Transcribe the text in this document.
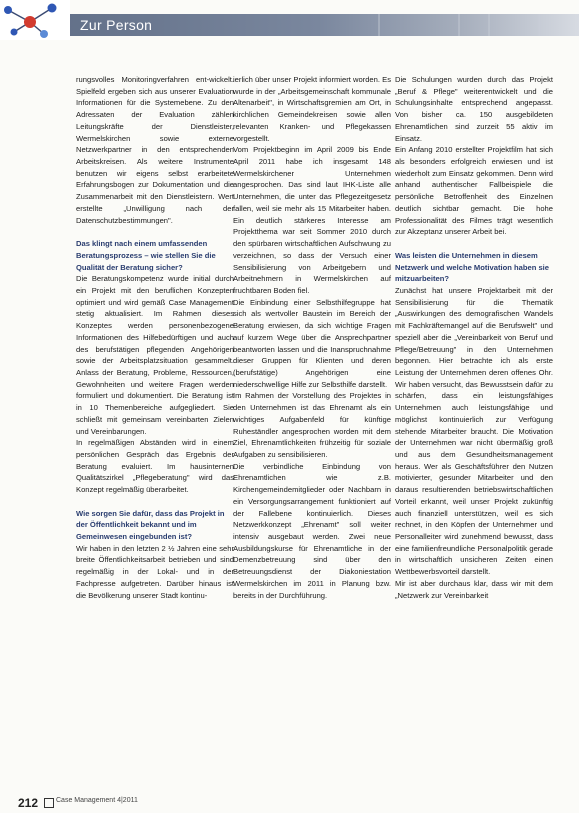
Zur Person

rungsvolles Monitoringverfahren ent-wickelt. Spielfeld ergeben sich aus unserer Evaluation Informationen für die Systemebene. Zu den Adressaten der Evaluation zählen Leitungskräfte der Dienstleister, Wermelskirchen sowie externe Netzwerkpartner in den entsprechenden Arbeitskreisen. Als weitere Instrumente benutzen wir eigens selbst erarbeitete Erfahrungsbogen zur Dokumentation und die Zusammenarbeit mit den Dienstleistern. Wert erstellte „Unwilligung nach der Datenschutzbestimmungen".

Das klingt nach einem umfassenden Beratungsprozess – wie stellen Sie die Qualität der Beratung sicher?

Die Beratungskompetenz wurde initial durch ein Projekt mit den beruflichen Konzepten optimiert und wird gemäß Case Management stetig aktualisiert. Im Rahmen dieses Konzeptes werden personenbezogene Informationen des Hilfebedürftigen und auch des berufstätigen pflegenden Angehörigen sowie der Arbeitsplatzsituation gesammelt. Anlass der Beratung, Probleme, Ressourcen, Gewohnheiten und weitere Fragen werden formuliert und dokumentiert. Die Beratung ist in 10 Themenbereiche aufgegliedert. Sie schließt mit gemeinsam vereinbarten Zielen und Vereinbarungen.

In regelmäßigen Abständen wird in einem persönlichen Gespräch das Ergebnis der Beratung evaluiert. Im hausinternen Qualitätszirkel „Pflegeberatung" wird das Konzept regelmäßig überarbeitet.

Wie sorgen Sie dafür, dass das Projekt in der Öffentlichkeit bekannt und im Gemeinwesen eingebunden ist?

Wir haben in den letzten 2 ½ Jahren eine sehr breite Öffentlichkeitsarbeit betrieben und sind regelmäßig in der Lokal- und in der Fachpresse aufgetreten. Darüber hinaus ist die Bevölkerung unserer Stadt kontinu-

ierlich über unser Projekt informiert worden. Es wurde in der „Arbeitsgemeinschaft kommunale Altenarbeit", in Wirtschaftsgremien am Ort, in kirchlichen Gemeindekreisen sowie allen relevanten Kranken- und Pflegekassen vorgestellt.

Vom Projektbeginn im April 2009 bis Ende April 2011 habe ich insgesamt 148 Wermelskirchener Unternehmen angesprochen. Das sind laut IHK-Liste alle Unternehmen, die unter das Pflegezeitgesetz fallen, weil sie mehr als 15 Mitarbeiter haben. Ein deutlich stärkeres Interesse am Projektthema war seit Sommer 2010 durch den spürbaren wirtschaftlichen Aufschwung zu verzeichnen, so dass der Versuch einer Sensibilisierung von Arbeitgebern und Arbeitnehmern in Wermelskirchen auf fruchtbaren Boden fiel.

Die Einbindung einer Selbsthilfegruppe hat sich als wertvoller Baustein im Bereich der Beratung erwiesen, da sich wichtige Fragen auf kurzem Wege über die Ansprechpartner beantworten lassen und die Inanspruchnahme dieser Gruppen für Klienten und deren (berufstätige) Angehörigen eine niederschwellige Hilfe zur Selbsthilfe darstellt.

Im Rahmen der Vorstellung des Projektes in den Unternehmen ist das Ehrenamt als ein wichtiges Aufgabenfeld für künftige Ruheständler angesprochen worden mit dem Ziel, Ehrenamtlichkeiten frühzeitig für soziale Aufgaben zu sensibilisieren.

Die verbindliche Einbindung von Ehrenamtlichen wie z.B. Kirchengemeindemitglieder oder Nachbarn in ein Versorgungsarrangement funktioniert auf der Fallebene kontinuierlich. Dieses Netzwerkkonzept „Ehrenamt" soll weiter intensiv ausgebaut werden. Zwei neue Ausbildungskurse für Ehrenamtliche in der Demenzbetreuung sind über den Betreuungsdienst der Diakoniestation Wermelskirchen im 2011 in Planung bzw. bereits in der Durchführung.

Die Schulungen wurden durch das Projekt „Beruf & Pflege" weiterentwickelt und die Schulungsinhalte entsprechend angepasst. Von bisher ca. 150 ausgebildeten Ehrenamtlichen sind zurzeit 55 aktiv im Einsatz.

Ein Anfang 2010 erstellter Projektfilm hat sich als besonders erfolgreich erwiesen und ist wiederholt zum Einsatz gekommen. Denn wird anhand authentischer Fallbeispiele die persönliche Betroffenheit des Einzelnen deutlich sichtbar gemacht. Die hohe Professionalität des Filmes trägt wesentlich zur Akzeptanz unserer Arbeit bei.

Was leisten die Unternehmen in diesem Netzwerk und welche Motivation haben sie mitzuarbeiten?

Zunächst hat unsere Projektarbeit mit der Sensibilisierung für die Thematik „Auswirkungen des demografischen Wandels mit Fachkräftemangel auf die Berufswelt" und speziell aber die „Vereinbarkeit von Beruf und Pflege/Betreuung" in den Unternehmen begonnen. Hier betrachte ich als erste Leistung der Unternehmen deren offenes Ohr. Wir haben versucht, das Bewusstsein dafür zu schärfen, dass ein leistungsfähiges Unternehmen auch leistungsfähige und möglichst kontinuierlich zur Verfügung stehende Mitarbeiter braucht. Die Motivation der Unternehmen war nicht übermäßig groß und aus dem Gesundheitsmanagement heraus. Wer als Geschäftsführer den Nutzen motivierter, gesunder Mitarbeiter und den daraus resultierenden betriebswirtschaftlichen Vorteil erkannt, weil unser Projekt zukünftig auch finanziell unterstützen, weil es sich rechnet, in den Köpfen der Unternehmer und Personalleiter wird zunehmend bewusst, dass eine familienfreundliche Personalpolitik gerade in wirtschaftlich unsicheren Zeiten einen Wettbewerbsvorteil darstellt.

Mir ist aber durchaus klar, dass wir mit dem „Netzwerk zur Vereinbarkeit

212	Case Management 4|2011
